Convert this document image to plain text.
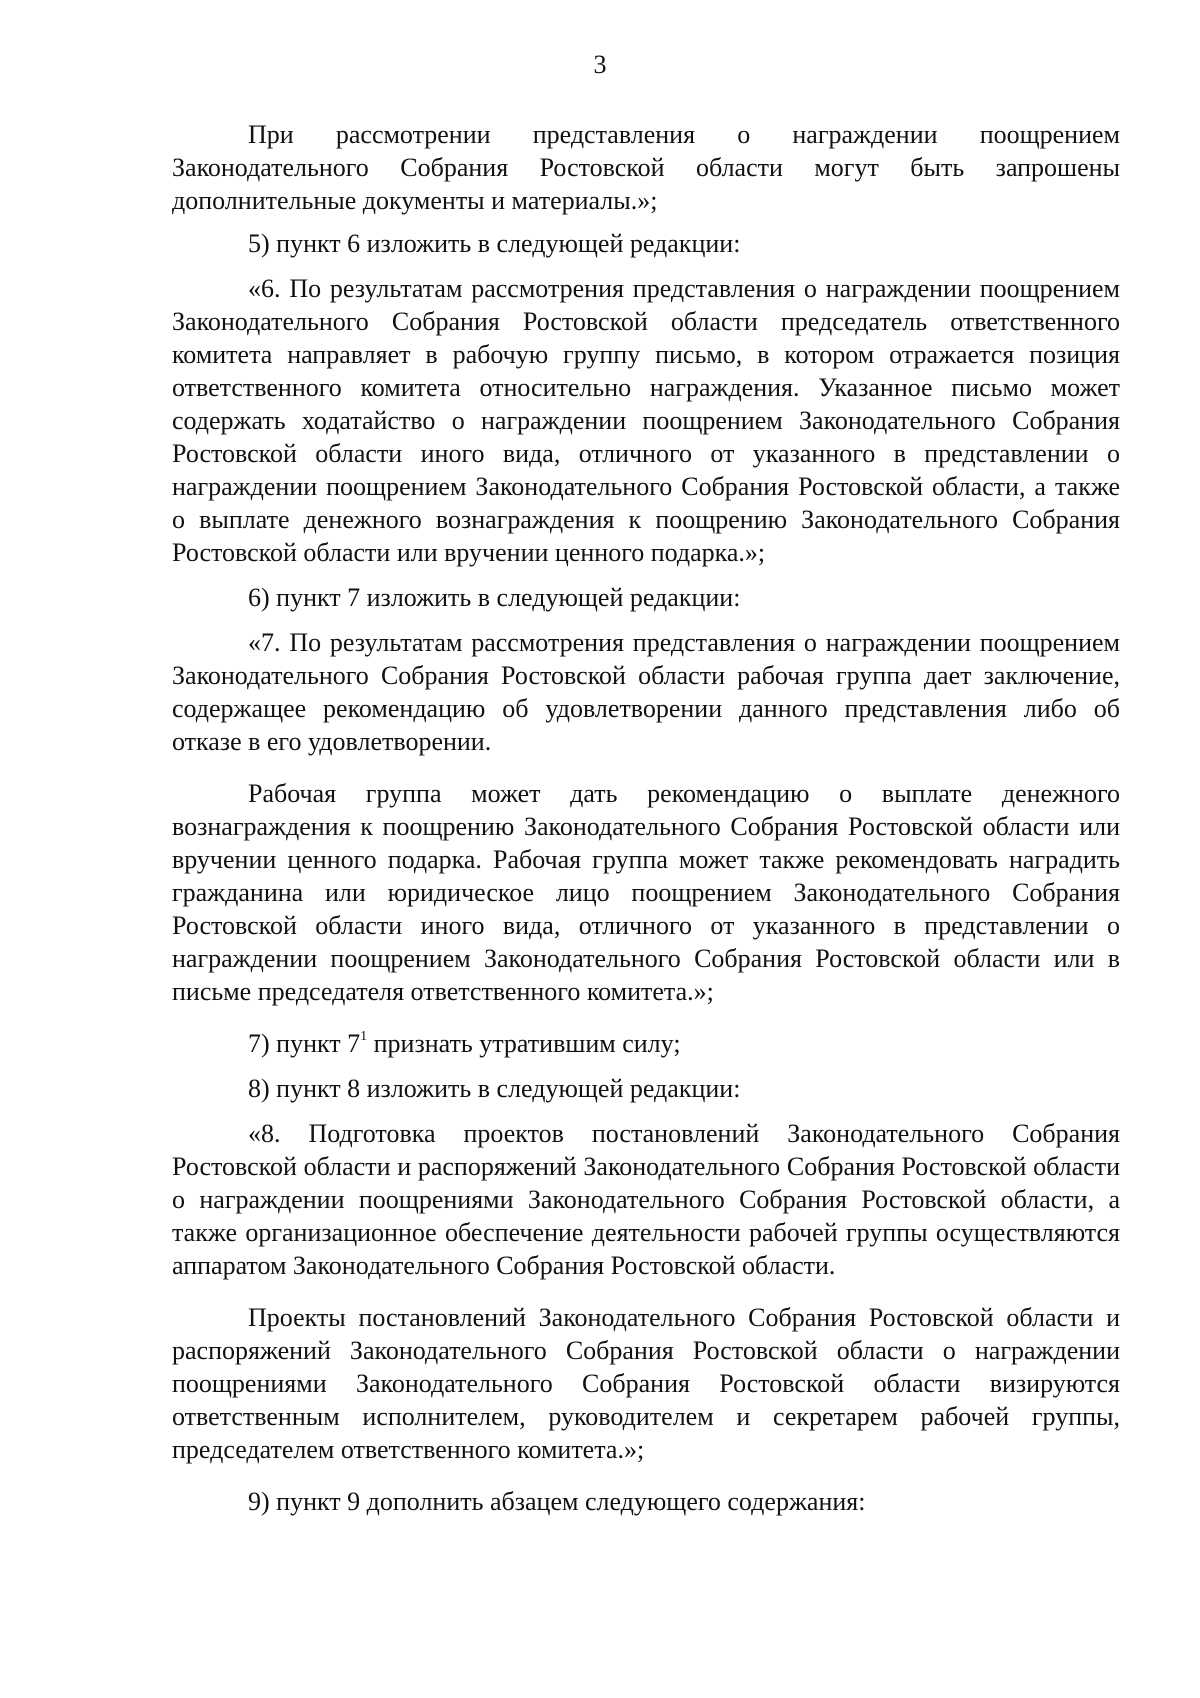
3

При рассмотрении представления о награждении поощрением Законодательного Собрания Ростовской области могут быть запрошены дополнительные документы и материалы.»;

5) пункт 6 изложить в следующей редакции:

«6. По результатам рассмотрения представления о награждении поощрением Законодательного Собрания Ростовской области председатель ответственного комитета направляет в рабочую группу письмо, в котором отражается позиция ответственного комитета относительно награждения. Указанное письмо может содержать ходатайство о награждении поощрением Законодательного Собрания Ростовской области иного вида, отличного от указанного в представлении о награждении поощрением Законодательного Собрания Ростовской области, а также о выплате денежного вознаграждения к поощрению Законодательного Собрания Ростовской области или вручении ценного подарка.»;

6) пункт 7 изложить в следующей редакции:

«7. По результатам рассмотрения представления о награждении поощрением Законодательного Собрания Ростовской области рабочая группа дает заключение, содержащее рекомендацию об удовлетворении данного представления либо об отказе в его удовлетворении.

Рабочая группа может дать рекомендацию о выплате денежного вознаграждения к поощрению Законодательного Собрания Ростовской области или вручении ценного подарка. Рабочая группа может также рекомендовать наградить гражданина или юридическое лицо поощрением Законодательного Собрания Ростовской области иного вида, отличного от указанного в представлении о награждении поощрением Законодательного Собрания Ростовской области или в письме председателя ответственного комитета.»;

7) пункт $7^1$ признать утратившим силу;

8) пункт 8 изложить в следующей редакции:

«8. Подготовка проектов постановлений Законодательного Собрания Ростовской области и распоряжений Законодательного Собрания Ростовской области о награждении поощрениями Законодательного Собрания Ростовской области, а также организационное обеспечение деятельности рабочей группы осуществляются аппаратом Законодательного Собрания Ростовской области.

Проекты постановлений Законодательного Собрания Ростовской области и распоряжений Законодательного Собрания Ростовской области о награждении поощрениями Законодательного Собрания Ростовской области визируются ответственным исполнителем, руководителем и секретарем рабочей группы, председателем ответственного комитета.»;

9) пункт 9 дополнить абзацем следующего содержания:
